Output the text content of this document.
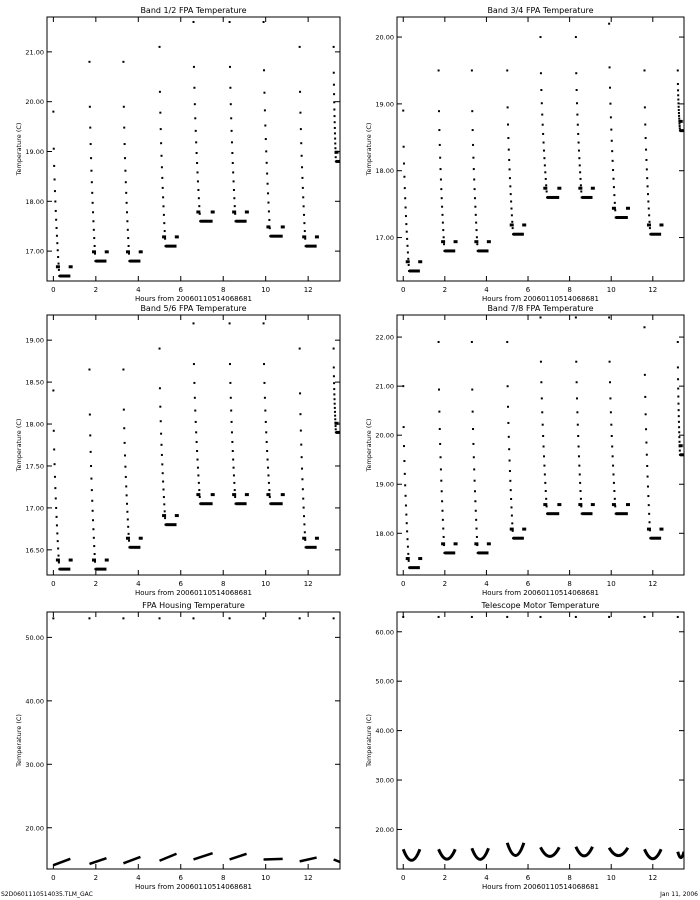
Band 1/2 FPA Temperature
Hours from 20060110514068681
Temperature (C)
0	2	4	6	8	10	12
17.00
18.00
19.00
20.00
21.00
Band 3/4 FPA Temperature
Hours from 20060110514068681
Temperature (C)
0	2	4	6	8	10	12
17.00
18.00
19.00
20.00
Band 5/6 FPA Temperature
Hours from 20060110514068681
Temperature (C)
0	2	4	6	8	10	12
16.50
17.00
17.50
18.00
18.50
19.00
Band 7/8 FPA Temperature
Hours from 20060110514068681
Temperature (C)
0	2	4	6	8	10	12
18.00
19.00
20.00
21.00
22.00
FPA Housing Temperature
Hours from 20060110514068681
Temperature (C)
0	2	4	6	8	10	12
20.00
30.00
40.00
50.00
Telescope Motor Temperature
Hours from 20060110514068681
Temperature (C)
0	2	4	6	8	10	12
20.00
30.00
40.00
50.00
60.00
S2D0601110514035.TLM_GAC	Jan 11, 2006
